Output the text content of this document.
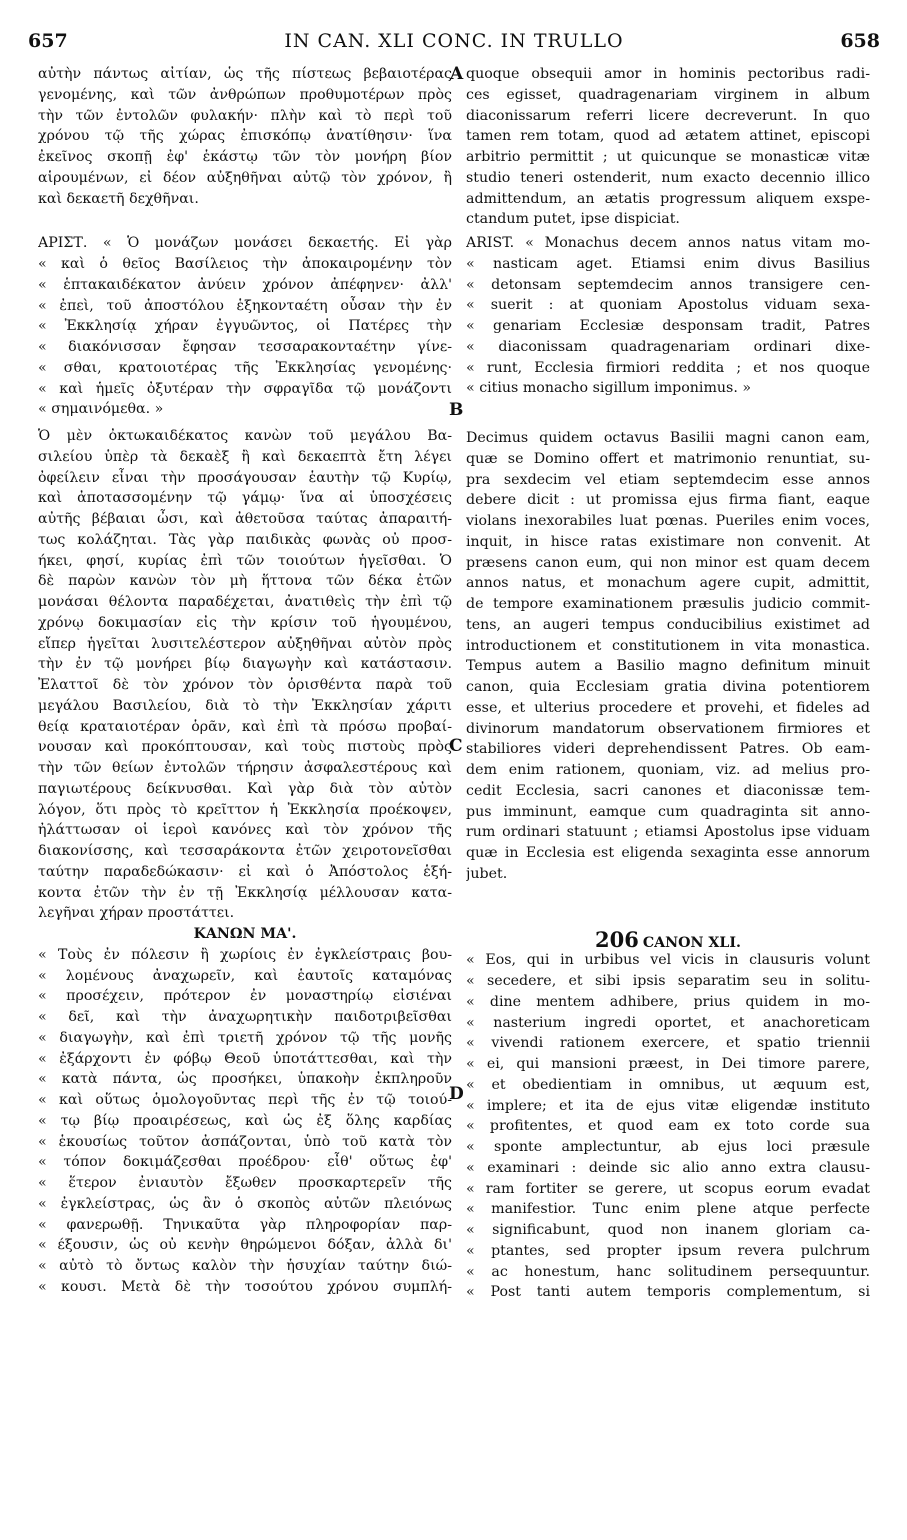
657	IN CAN. XLI CONC. IN TRULLO	658
A
B
C
D
αὐτὴν πάντως αἰτίαν, ὡς τῆς πίστεως βεβαιοτέρας
γενομένης, καὶ τῶν ἀνθρώπων προθυμοτέρων πρὸς
τὴν τῶν ἐντολῶν φυλακήν· πλὴν καὶ τὸ περὶ τοῦ
χρόνου τῷ τῆς χώρας ἐπισκόπῳ ἀνατίθησιν· ἵνα
ἐκεῖνος σκοπῇ ἐφ' ἑκάστῳ τῶν τὸν μονήρη βίον
αἱρουμένων, εἰ δέον αὐξηθῆναι αὐτῷ τὸν χρόνον, ἢ
καὶ δεκαετῆ δεχθῆναι.
ΑΡΙΣΤ. « Ὁ μονάζων μονάσει δεκαετής. Εἰ γὰρ
« καὶ ὁ θεῖος Βασίλειος τὴν ἀποκαιρομένην τὸν
« ἑπτακαιδέκατον ἀνύειν χρόνον ἀπέφηνεν· ἀλλ'
« ἐπεὶ, τοῦ ἀποστόλου ἑξηκονταέτη οὖσαν τὴν ἐν
« Ἐκκλησίᾳ χήραν ἐγγυῶντος, οἱ Πατέρες τὴν
« διακόνισσαν ἔφησαν τεσσαρακονταέτην γίνε-
« σθαι, κρατοιοτέρας τῆς Ἐκκλησίας γενομένης·
« καὶ ἡμεῖς ὀξυτέραν τὴν σφραγῖδα τῷ μονάζοντι
« σημαινόμεθα. »
Ὁ μὲν ὀκτωκαιδέκατος κανὼν τοῦ μεγάλου Βα-
σιλείου ὑπὲρ τὰ δεκαὲξ ἢ καὶ δεκαεπτὰ ἔτη λέγει
ὀφείλειν εἶναι τὴν προσάγουσαν ἑαυτὴν τῷ Κυρίῳ,
καὶ ἀποτασσομένην τῷ γάμῳ· ἵνα αἱ ὑποσχέσεις
αὐτῆς βέβαιαι ὦσι, καὶ ἀθετοῦσα ταύτας ἀπαραιτή-
τως κολάζηται. Τὰς γὰρ παιδικὰς φωνὰς οὐ προσ-
ήκει, φησί, κυρίας ἐπὶ τῶν τοιούτων ἡγεῖσθαι. Ὁ
δὲ παρὼν κανὼν τὸν μὴ ἥττονα τῶν δέκα ἐτῶν
μονάσαι θέλοντα παραδέχεται, ἀνατιθεὶς τὴν ἐπὶ τῷ
χρόνῳ δοκιμασίαν εἰς τὴν κρίσιν τοῦ ἡγουμένου,
εἴπερ ἡγεῖται λυσιτελέστερον αὐξηθῆναι αὐτὸν πρὸς
τὴν ἐν τῷ μονήρει βίῳ διαγωγὴν καὶ κατάστασιν.
Ἐλαττοῖ δὲ τὸν χρόνον τὸν ὁρισθέντα παρὰ τοῦ
μεγάλου Βασιλείου, διὰ τὸ τὴν Ἐκκλησίαν χάριτι
θείᾳ κραταιοτέραν ὁρᾶν, καὶ ἐπὶ τὰ πρόσω προβαί-
νουσαν καὶ προκόπτουσαν, καὶ τοὺς πιστοὺς πρὸς
τὴν τῶν θείων ἐντολῶν τήρησιν ἀσφαλεστέρους καὶ
παγιωτέρους δείκνυσθαι. Καὶ γὰρ διὰ τὸν αὐτὸν
λόγον, ὅτι πρὸς τὸ κρεῖττον ἡ Ἐκκλησία προέκοψεν,
ἠλάττωσαν οἱ ἱεροὶ κανόνες καὶ τὸν χρόνον τῆς
διακονίσσης, καὶ τεσσαράκοντα ἐτῶν χειροτονεῖσθαι
ταύτην παραδεδώκασιν· εἰ καὶ ὁ Ἀπόστολος ἑξή-
κοντα ἐτῶν τὴν ἐν τῇ Ἐκκλησίᾳ μέλλουσαν κατα-
λεγῆναι χήραν προστάττει.
ΚΑΝΩΝ ΜΑ'.
« Τοὺς ἐν πόλεσιν ἢ χωρίοις ἐν ἐγκλείστραις βου-
« λομένους ἀναχωρεῖν, καὶ ἑαυτοῖς καταμόνας
« προσέχειν, πρότερον ἐν μοναστηρίῳ εἰσιέναι
« δεῖ, καὶ τὴν ἀναχωρητικὴν παιδοτριβεῖσθαι
« διαγωγὴν, καὶ ἐπὶ τριετῆ χρόνον τῷ τῆς μονῆς
« ἐξάρχοντι ἐν φόβῳ Θεοῦ ὑποτάττεσθαι, καὶ τὴν
« κατὰ πάντα, ὡς προσήκει, ὑπακοὴν ἐκπληροῦν
« καὶ οὕτως ὁμολογοῦντας περὶ τῆς ἐν τῷ τοιού-
« τῳ βίῳ προαιρέσεως, καὶ ὡς ἐξ ὅλης καρδίας
« ἑκουσίως τοῦτον ἀσπάζονται, ὑπὸ τοῦ κατὰ τὸν
« τόπον δοκιμάζεσθαι προέδρου· εἶθ' οὕτως ἐφ'
« ἕτερον ἐνιαυτὸν ἔξωθεν προσκαρτερεῖν τῆς
« ἐγκλείστρας, ὡς ἂν ὁ σκοπὸς αὐτῶν πλειόνως
« φανερωθῇ. Τηνικαῦτα γὰρ πληροφορίαν παρ-
« έξουσιν, ὡς οὐ κενὴν θηρώμενοι δόξαν, ἀλλὰ δι'
« αὐτὸ τὸ ὄντως καλὸν τὴν ἡσυχίαν ταύτην διώ-
« κουσι. Μετὰ δὲ τὴν τοσούτου χρόνου συμπλή-
quoque obsequii amor in hominis pectoribus radi-
ces egisset, quadragenariam virginem in album
diaconissarum referri licere decreverunt. In quo
tamen rem totam, quod ad ætatem attinet, episcopi
arbitrio permittit ; ut quicunque se monasticæ vitæ
studio teneri ostenderit, num exacto decennio illico
admittendum, an ætatis progressum aliquem exspe-
ctandum putet, ipse dispiciat.
ARIST. « Monachus decem annos natus vitam mo-
« nasticam aget. Etiamsi enim divus Basilius
« detonsam septemdecim annos transigere cen-
« suerit : at quoniam Apostolus viduam sexa-
« genariam Ecclesiæ desponsam tradit, Patres
« diaconissam quadragenariam ordinari dixe-
« runt, Ecclesia firmiori reddita ; et nos quoque
« citius monacho sigillum imponimus. »
Decimus quidem octavus Basilii magni canon eam,
quæ se Domino offert et matrimonio renuntiat, su-
pra sexdecim vel etiam septemdecim esse annos
debere dicit : ut promissa ejus firma fiant, eaque
violans inexorabiles luat pœnas. Pueriles enim voces,
inquit, in hisce ratas existimare non convenit. At
præsens canon eum, qui non minor est quam decem
annos natus, et monachum agere cupit, admittit,
de tempore examinationem præsulis judicio commit-
tens, an augeri tempus conducibilius existimet ad
introductionem et constitutionem in vita monastica.
Tempus autem a Basilio magno definitum minuit
canon, quia Ecclesiam gratia divina potentiorem
esse, et ulterius procedere et provehi, et fideles ad
divinorum mandatorum observationem firmiores et
stabiliores videri deprehendissent Patres. Ob eam-
dem enim rationem, quoniam, viz. ad melius pro-
cedit Ecclesia, sacri canones et diaconissæ tem-
pus imminunt, eamque cum quadraginta sit anno-
rum ordinari statuunt ; etiamsi Apostolus ipse viduam
quæ in Ecclesia est eligenda sexaginta esse annorum
jubet.
206 CANON XLI.
« Eos, qui in urbibus vel vicis in clausuris volunt
« secedere, et sibi ipsis separatim seu in solitu-
« dine mentem adhibere, prius quidem in mo-
« nasterium ingredi oportet, et anachoreticam
« vivendi rationem exercere, et spatio triennii
« ei, qui mansioni præest, in Dei timore parere,
« et obedientiam in omnibus, ut æquum est,
« implere; et ita de ejus vitæ eligendæ instituto
« profitentes, et quod eam ex toto corde sua
« sponte amplectuntur, ab ejus loci præsule
« examinari : deinde sic alio anno extra clausu-
« ram fortiter se gerere, ut scopus eorum evadat
« manifestior. Tunc enim plene atque perfecte
« significabunt, quod non inanem gloriam ca-
« ptantes, sed propter ipsum revera pulchrum
« ac honestum, hanc solitudinem persequuntur.
« Post tanti autem temporis complementum, si
